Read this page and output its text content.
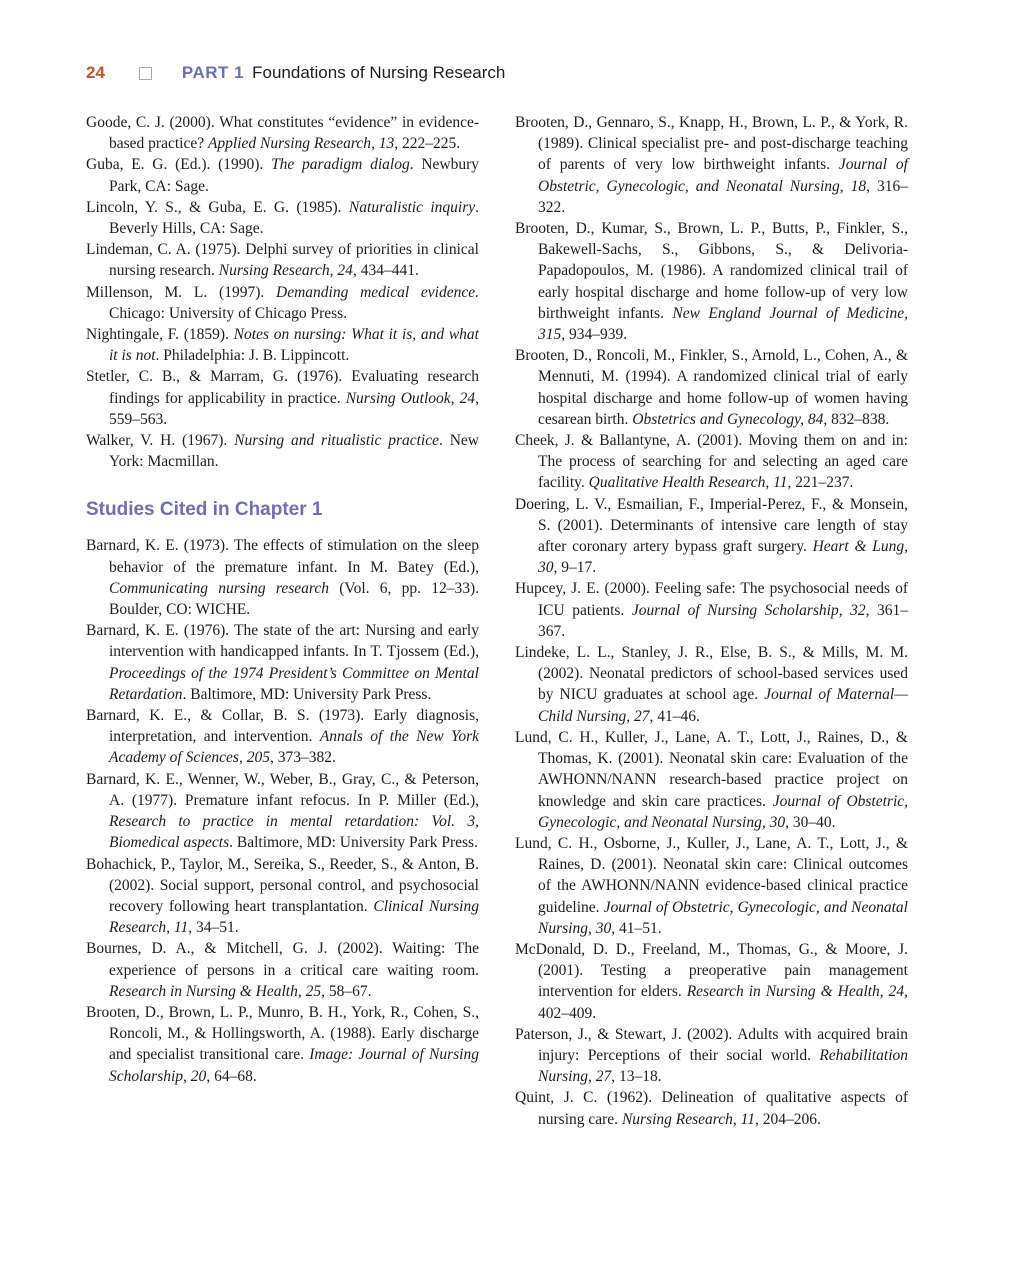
24	PART 1 Foundations of Nursing Research

Goode, C. J. (2000). What constitutes “evidence” in evidence-based practice? Applied Nursing Research, 13, 222–225.

Guba, E. G. (Ed.). (1990). The paradigm dialog. Newbury Park, CA: Sage.

Lincoln, Y. S., & Guba, E. G. (1985). Naturalistic inquiry. Beverly Hills, CA: Sage.

Lindeman, C. A. (1975). Delphi survey of priorities in clinical nursing research. Nursing Research, 24, 434–441.

Millenson, M. L. (1997). Demanding medical evidence. Chicago: University of Chicago Press.

Nightingale, F. (1859). Notes on nursing: What it is, and what it is not. Philadelphia: J. B. Lippincott.

Stetler, C. B., & Marram, G. (1976). Evaluating research findings for applicability in practice. Nursing Outlook, 24, 559–563.

Walker, V. H. (1967). Nursing and ritualistic practice. New York: Macmillan.

Studies Cited in Chapter 1

Barnard, K. E. (1973). The effects of stimulation on the sleep behavior of the premature infant. In M. Batey (Ed.), Communicating nursing research (Vol. 6, pp. 12–33). Boulder, CO: WICHE.

Barnard, K. E. (1976). The state of the art: Nursing and early intervention with handicapped infants. In T. Tjossem (Ed.), Proceedings of the 1974 President’s Committee on Mental Retardation. Baltimore, MD: University Park Press.

Barnard, K. E., & Collar, B. S. (1973). Early diagnosis, interpretation, and intervention. Annals of the New York Academy of Sciences, 205, 373–382.

Barnard, K. E., Wenner, W., Weber, B., Gray, C., & Peterson, A. (1977). Premature infant refocus. In P. Miller (Ed.), Research to practice in mental retardation: Vol. 3, Biomedical aspects. Baltimore, MD: University Park Press.

Bohachick, P., Taylor, M., Sereika, S., Reeder, S., & Anton, B. (2002). Social support, personal control, and psychosocial recovery following heart transplantation. Clinical Nursing Research, 11, 34–51.

Bournes, D. A., & Mitchell, G. J. (2002). Waiting: The experience of persons in a critical care waiting room. Research in Nursing & Health, 25, 58–67.

Brooten, D., Brown, L. P., Munro, B. H., York, R., Cohen, S., Roncoli, M., & Hollingsworth, A. (1988). Early discharge and specialist transitional care. Image: Journal of Nursing Scholarship, 20, 64–68.

Brooten, D., Gennaro, S., Knapp, H., Brown, L. P., & York, R. (1989). Clinical specialist pre- and post-discharge teaching of parents of very low birthweight infants. Journal of Obstetric, Gynecologic, and Neonatal Nursing, 18, 316–322.

Brooten, D., Kumar, S., Brown, L. P., Butts, P., Finkler, S., Bakewell-Sachs, S., Gibbons, S., & Delivoria-Papadopoulos, M. (1986). A randomized clinical trail of early hospital discharge and home follow-up of very low birthweight infants. New England Journal of Medicine, 315, 934–939.

Brooten, D., Roncoli, M., Finkler, S., Arnold, L., Cohen, A., & Mennuti, M. (1994). A randomized clinical trial of early hospital discharge and home follow-up of women having cesarean birth. Obstetrics and Gynecology, 84, 832–838.

Cheek, J. & Ballantyne, A. (2001). Moving them on and in: The process of searching for and selecting an aged care facility. Qualitative Health Research, 11, 221–237.

Doering, L. V., Esmailian, F., Imperial-Perez, F., & Monsein, S. (2001). Determinants of intensive care length of stay after coronary artery bypass graft surgery. Heart & Lung, 30, 9–17.

Hupcey, J. E. (2000). Feeling safe: The psychosocial needs of ICU patients. Journal of Nursing Scholarship, 32, 361–367.

Lindeke, L. L., Stanley, J. R., Else, B. S., & Mills, M. M. (2002). Neonatal predictors of school-based services used by NICU graduates at school age. Journal of Maternal—Child Nursing, 27, 41–46.

Lund, C. H., Kuller, J., Lane, A. T., Lott, J., Raines, D., & Thomas, K. (2001). Neonatal skin care: Evaluation of the AWHONN/NANN research-based practice project on knowledge and skin care practices. Journal of Obstetric, Gynecologic, and Neonatal Nursing, 30, 30–40.

Lund, C. H., Osborne, J., Kuller, J., Lane, A. T., Lott, J., & Raines, D. (2001). Neonatal skin care: Clinical outcomes of the AWHONN/NANN evidence-based clinical practice guideline. Journal of Obstetric, Gynecologic, and Neonatal Nursing, 30, 41–51.

McDonald, D. D., Freeland, M., Thomas, G., & Moore, J. (2001). Testing a preoperative pain management intervention for elders. Research in Nursing & Health, 24, 402–409.

Paterson, J., & Stewart, J. (2002). Adults with acquired brain injury: Perceptions of their social world. Rehabilitation Nursing, 27, 13–18.

Quint, J. C. (1962). Delineation of qualitative aspects of nursing care. Nursing Research, 11, 204–206.
